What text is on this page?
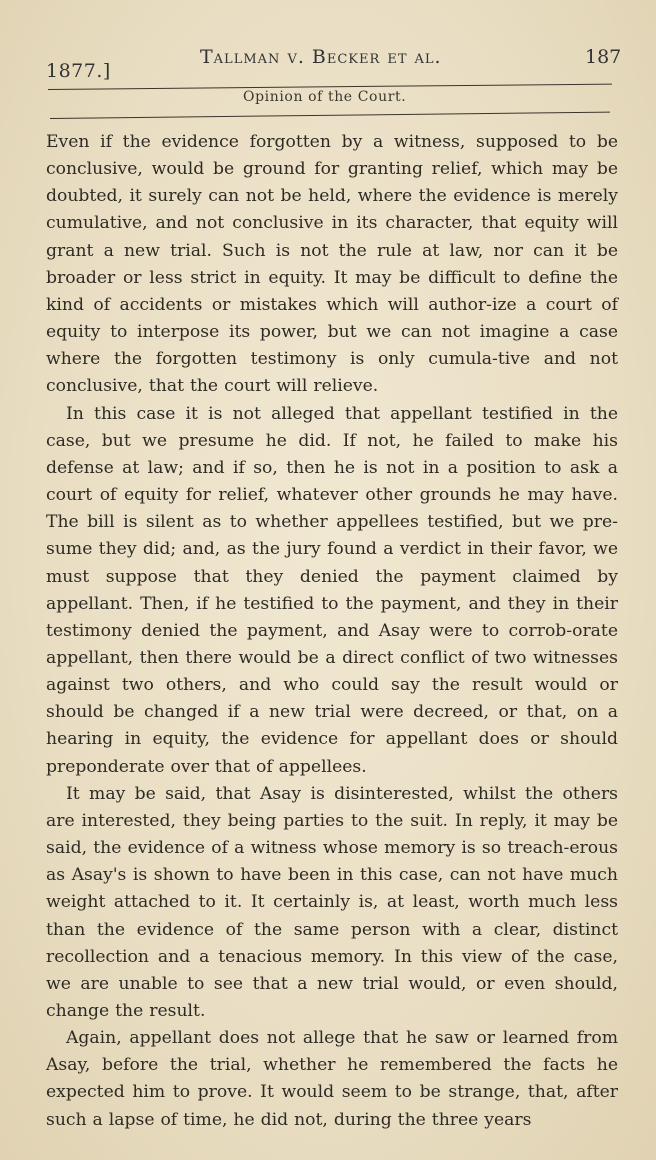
1877.]
Tallman v. Becker et al.	187
Opinion of the Court.

Even if the evidence forgotten by a witness, supposed to be conclusive, would be ground for granting relief, which may be doubted, it surely can not be held, where the evidence is merely cumulative, and not conclusive in its character, that equity will grant a new trial. Such is not the rule at law, nor can it be broader or less strict in equity. It may be difficult to define the kind of accidents or mistakes which will author-ize a court of equity to interpose its power, but we can not imagine a case where the forgotten testimony is only cumula-tive and not conclusive, that the court will relieve.

In this case it is not alleged that appellant testified in the case, but we presume he did. If not, he failed to make his defense at law; and if so, then he is not in a position to ask a court of equity for relief, whatever other grounds he may have. The bill is silent as to whether appellees testified, but we pre-sume they did; and, as the jury found a verdict in their favor, we must suppose that they denied the payment claimed by appellant. Then, if he testified to the payment, and they in their testimony denied the payment, and Asay were to corrob-orate appellant, then there would be a direct conflict of two witnesses against two others, and who could say the result would or should be changed if a new trial were decreed, or that, on a hearing in equity, the evidence for appellant does or should preponderate over that of appellees.

It may be said, that Asay is disinterested, whilst the others are interested, they being parties to the suit. In reply, it may be said, the evidence of a witness whose memory is so treach-erous as Asay's is shown to have been in this case, can not have much weight attached to it. It certainly is, at least, worth much less than the evidence of the same person with a clear, distinct recollection and a tenacious memory. In this view of the case, we are unable to see that a new trial would, or even should, change the result.

Again, appellant does not allege that he saw or learned from Asay, before the trial, whether he remembered the facts he expected him to prove. It would seem to be strange, that, after such a lapse of time, he did not, during the three years
